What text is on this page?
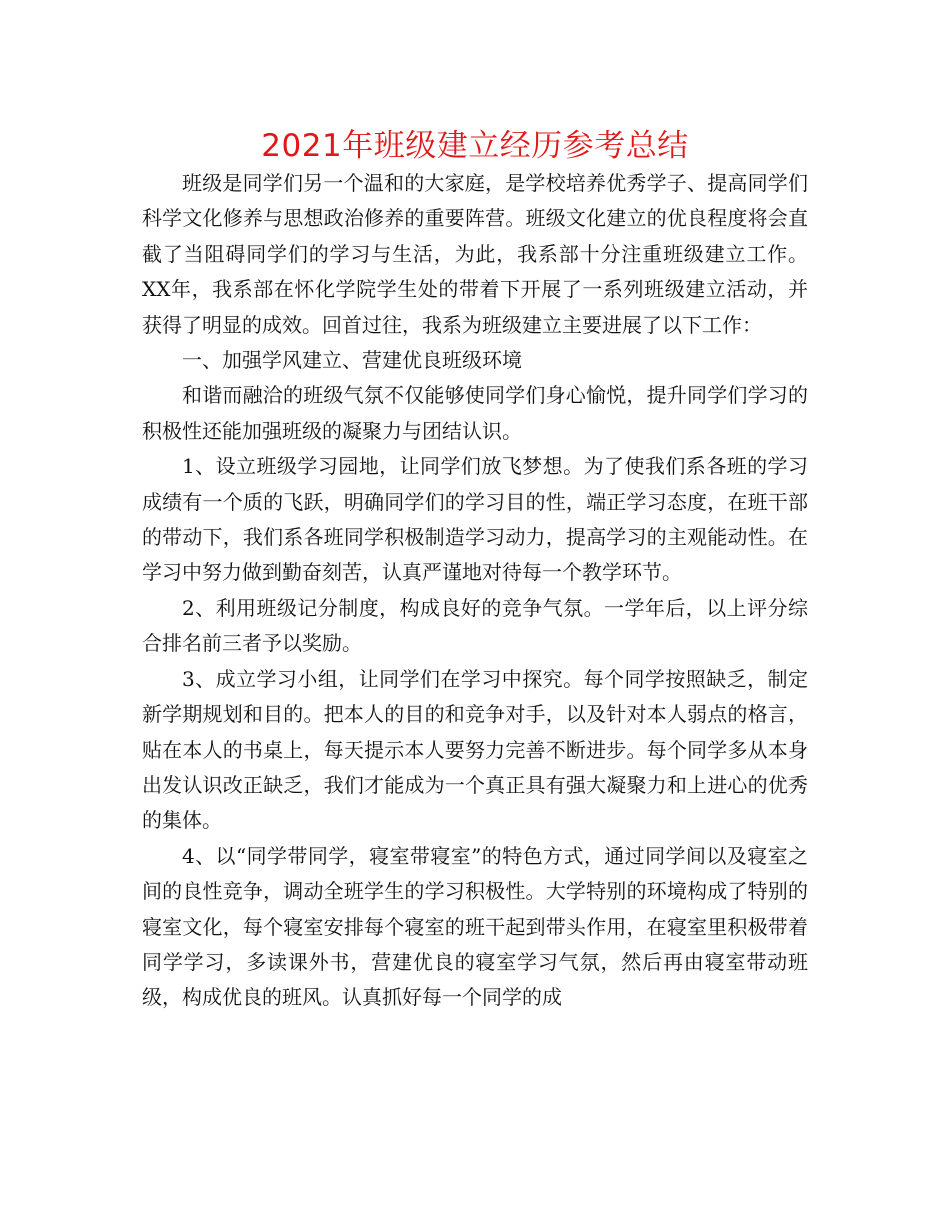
2021年班级建立经历参考总结

班级是同学们另一个温和的大家庭，是学校培养优秀学子、提高同学们科学文化修养与思想政治修养的重要阵营。班级文化建立的优良程度将会直截了当阻碍同学们的学习与生活，为此，我系部十分注重班级建立工作。XX年，我系部在怀化学院学生处的带着下开展了一系列班级建立活动，并获得了明显的成效。回首过往，我系为班级建立主要进展了以下工作：

一、加强学风建立、营建优良班级环境

和谐而融洽的班级气氛不仅能够使同学们身心愉悦，提升同学们学习的积极性还能加强班级的凝聚力与团结认识。

1、设立班级学习园地，让同学们放飞梦想。为了使我们系各班的学习成绩有一个质的飞跃，明确同学们的学习目的性，端正学习态度，在班干部的带动下，我们系各班同学积极制造学习动力，提高学习的主观能动性。在学习中努力做到勤奋刻苦，认真严谨地对待每一个教学环节。

2、利用班级记分制度，构成良好的竞争气氛。一学年后，以上评分综合排名前三者予以奖励。

3、成立学习小组，让同学们在学习中探究。每个同学按照缺乏，制定新学期规划和目的。把本人的目的和竞争对手，以及针对本人弱点的格言，贴在本人的书桌上，每天提示本人要努力完善不断进步。每个同学多从本身出发认识改正缺乏，我们才能成为一个真正具有强大凝聚力和上进心的优秀的集体。

4、以“同学带同学，寝室带寝室”的特色方式，通过同学间以及寝室之间的良性竞争，调动全班学生的学习积极性。大学特别的环境构成了特别的寝室文化，每个寝室安排每个寝室的班干起到带头作用，在寝室里积极带着同学学习，多读课外书，营建优良的寝室学习气氛，然后再由寝室带动班级，构成优良的班风。认真抓好每一个同学的成
